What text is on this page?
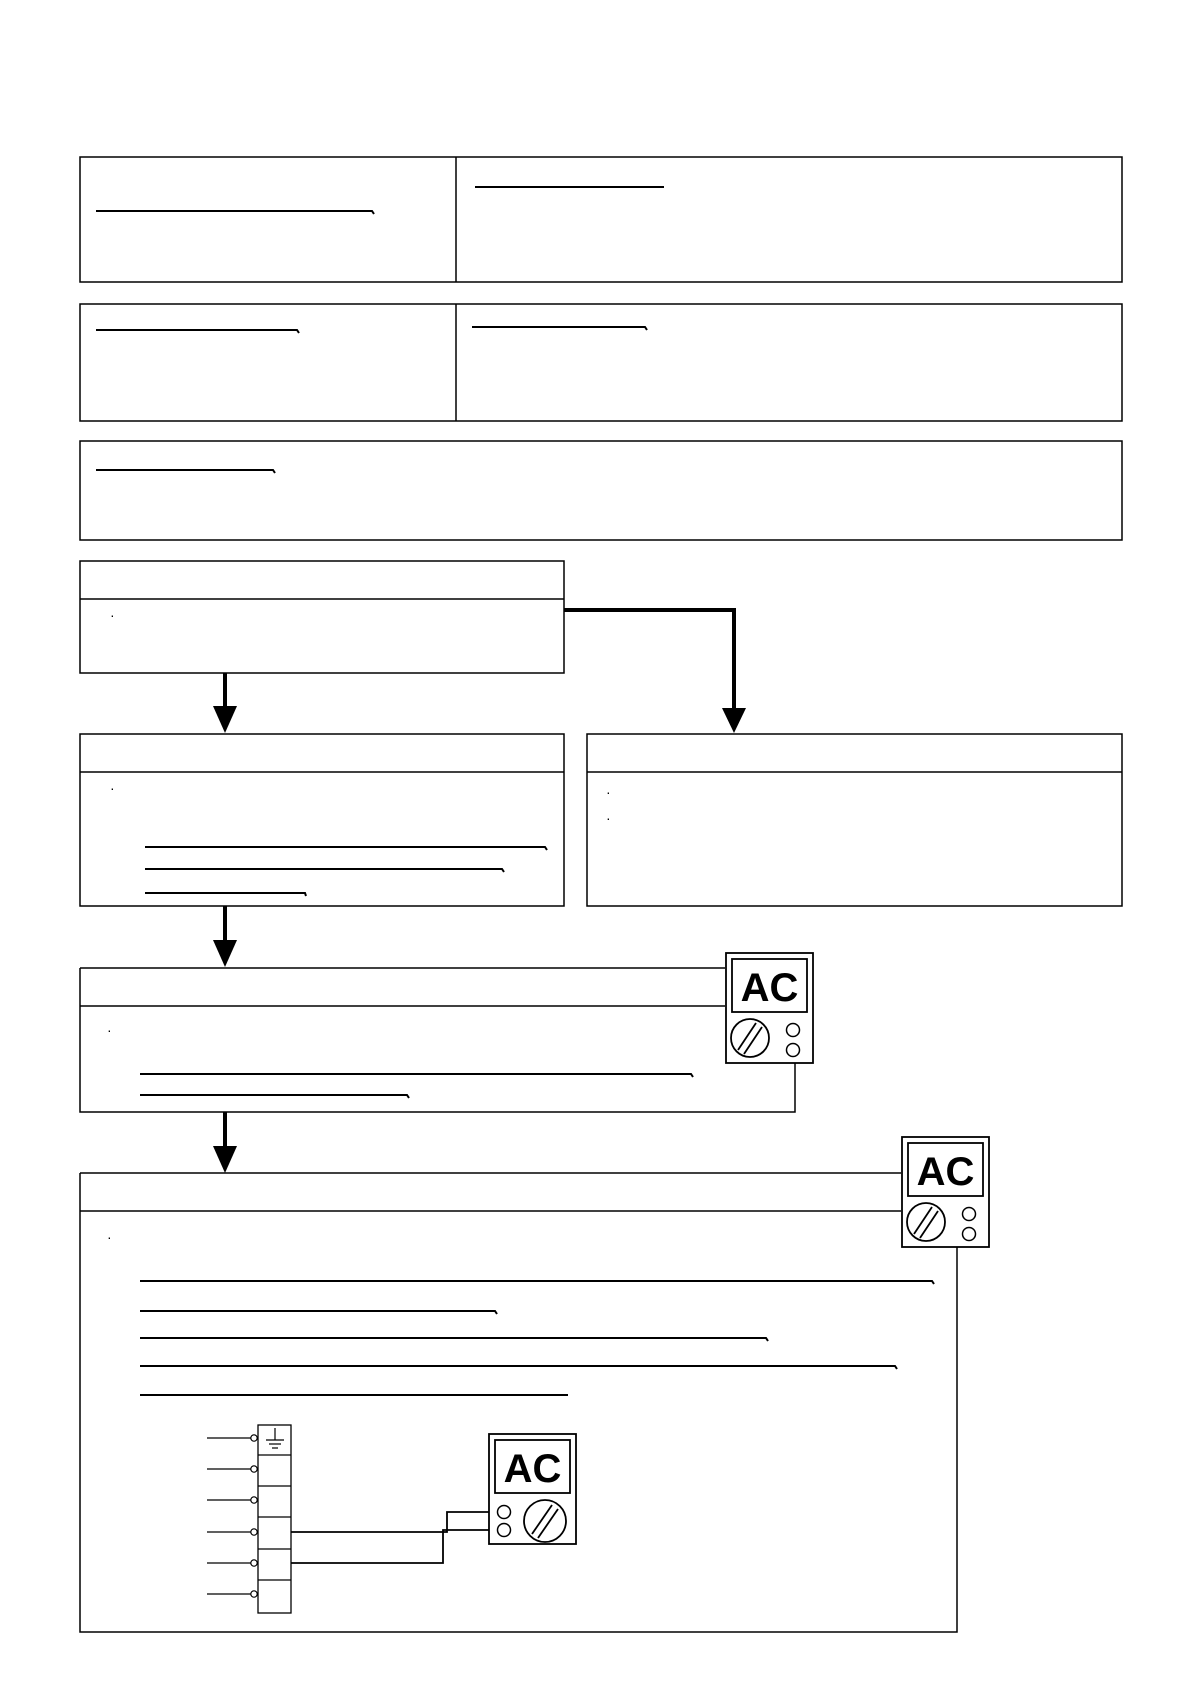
·
·	·
·
·
AC
·
AC
AC
